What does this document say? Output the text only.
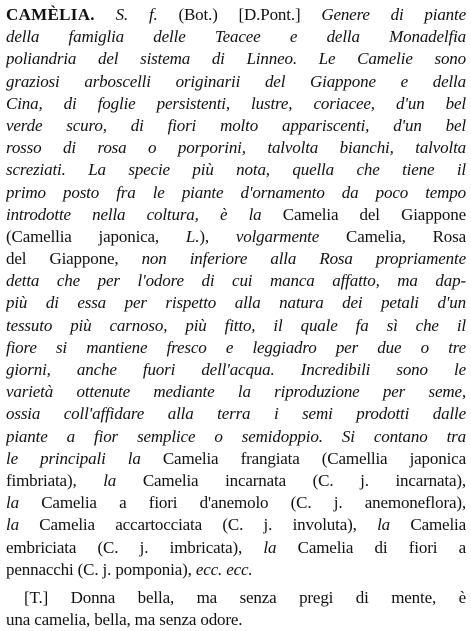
CAMÈLIA. S. f. (Bot.) [D.Pont.] Genere di piante
della famiglia delle Teacee e della Monadelfia
poliandria del sistema di Linneo. Le Camelie sono
graziosi arboscelli originarii del Giappone e della
Cina, di foglie persistenti, lustre, coriacee, d'un bel
verde scuro, di fiori molto appariscenti, d'un bel
rosso di rosa o porporini, talvolta bianchi, talvolta
screziati. La specie più nota, quella che tiene il
primo posto fra le piante d'ornamento da poco tempo
introdotte nella coltura, è la Camelia del Giappone
(Camellia japonica, L.), volgarmente Camelia, Rosa
del Giappone, non inferiore alla Rosa propriamente
detta che per l'odore di cui manca affatto, ma dap-
più di essa per rispetto alla natura dei petali d'un
tessuto più carnoso, più fitto, il quale fa sì che il
fiore si mantiene fresco e leggiadro per due o tre
giorni, anche fuori dell'acqua. Incredibili sono le
varietà ottenute mediante la riproduzione per seme,
ossia coll'affidare alla terra i semi prodotti dalle
piante a fior semplice o semidoppio. Si contano tra
le principali la Camelia frangiata (Camellia japonica
fimbriata), la Camelia incarnata (C. j. incarnata),
la Camelia a fiori d'anemolo (C. j. anemoneflora),
la Camelia accartocciata (C. j. involuta), la Camelia
embriciata (C. j. imbricata), la Camelia di fiori a
pennacchi (C. j. pomponia), ecc. ecc.
[T.] Donna bella, ma senza pregi di mente, è
una camelia, bella, ma senza odore.
